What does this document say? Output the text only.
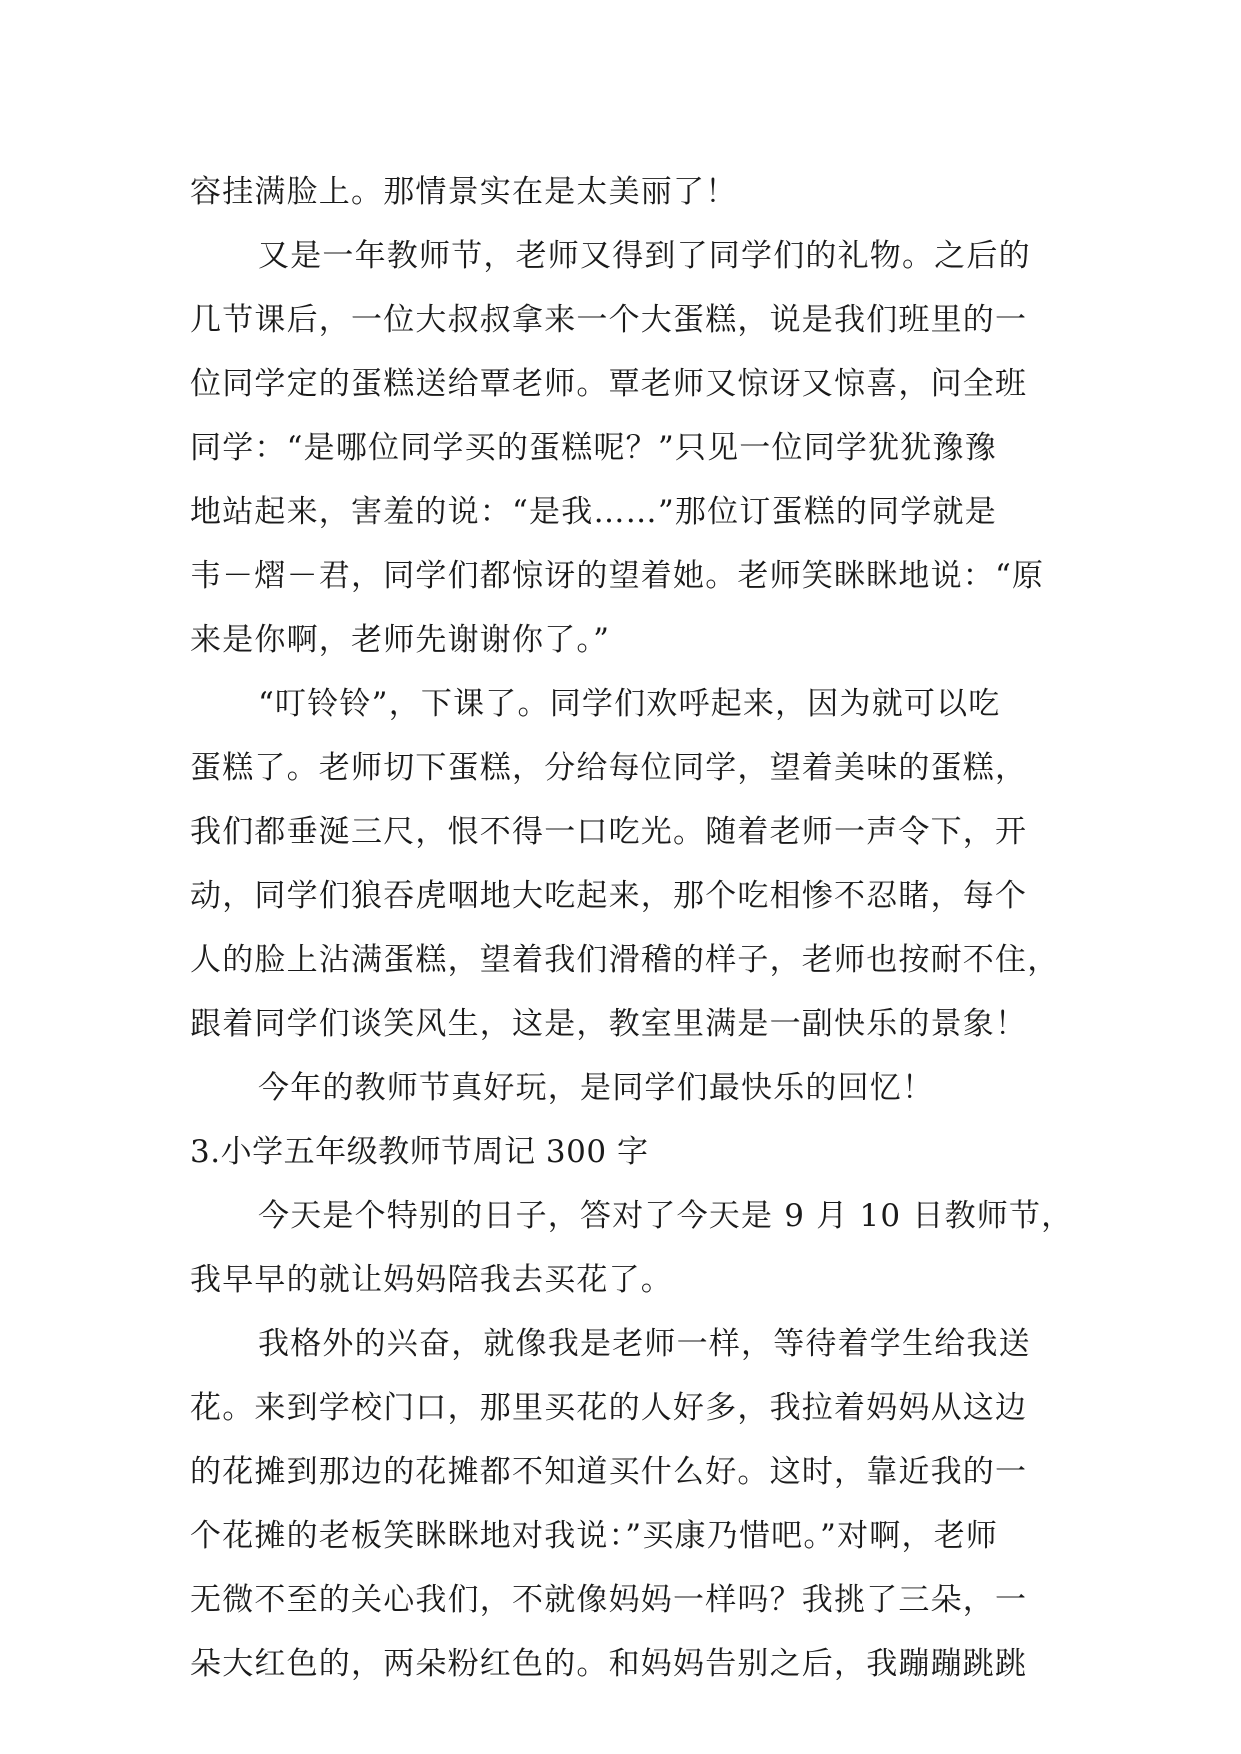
容挂满脸上。那情景实在是太美丽了！
又是一年教师节，老师又得到了同学们的礼物。之后的
几节课后，一位大叔叔拿来一个大蛋糕，说是我们班里的一
位同学定的蛋糕送给覃老师。覃老师又惊讶又惊喜，问全班
同学：“是哪位同学买的蛋糕呢？”只见一位同学犹犹豫豫
地站起来，害羞的说：“是我……”那位订蛋糕的同学就是
韦－熠－君，同学们都惊讶的望着她。老师笑眯眯地说：“原
来是你啊，老师先谢谢你了。”
“叮铃铃”，下课了。同学们欢呼起来，因为就可以吃
蛋糕了。老师切下蛋糕，分给每位同学，望着美味的蛋糕，
我们都垂涎三尺，恨不得一口吃光。随着老师一声令下，开
动，同学们狼吞虎咽地大吃起来，那个吃相惨不忍睹，每个
人的脸上沾满蛋糕，望着我们滑稽的样子，老师也按耐不住，
跟着同学们谈笑风生，这是，教室里满是一副快乐的景象！
今年的教师节真好玩，是同学们最快乐的回忆！
3.小学五年级教师节周记 300 字
今天是个特别的日子，答对了今天是 9 月 10 日教师节，
我早早的就让妈妈陪我去买花了。
我格外的兴奋，就像我是老师一样，等待着学生给我送
花。来到学校门口，那里买花的人好多，我拉着妈妈从这边
的花摊到那边的花摊都不知道买什么好。这时，靠近我的一
个花摊的老板笑眯眯地对我说：”买康乃惜吧。”对啊，老师
无微不至的关心我们，不就像妈妈一样吗？我挑了三朵，一
朵大红色的，两朵粉红色的。和妈妈告别之后，我蹦蹦跳跳
